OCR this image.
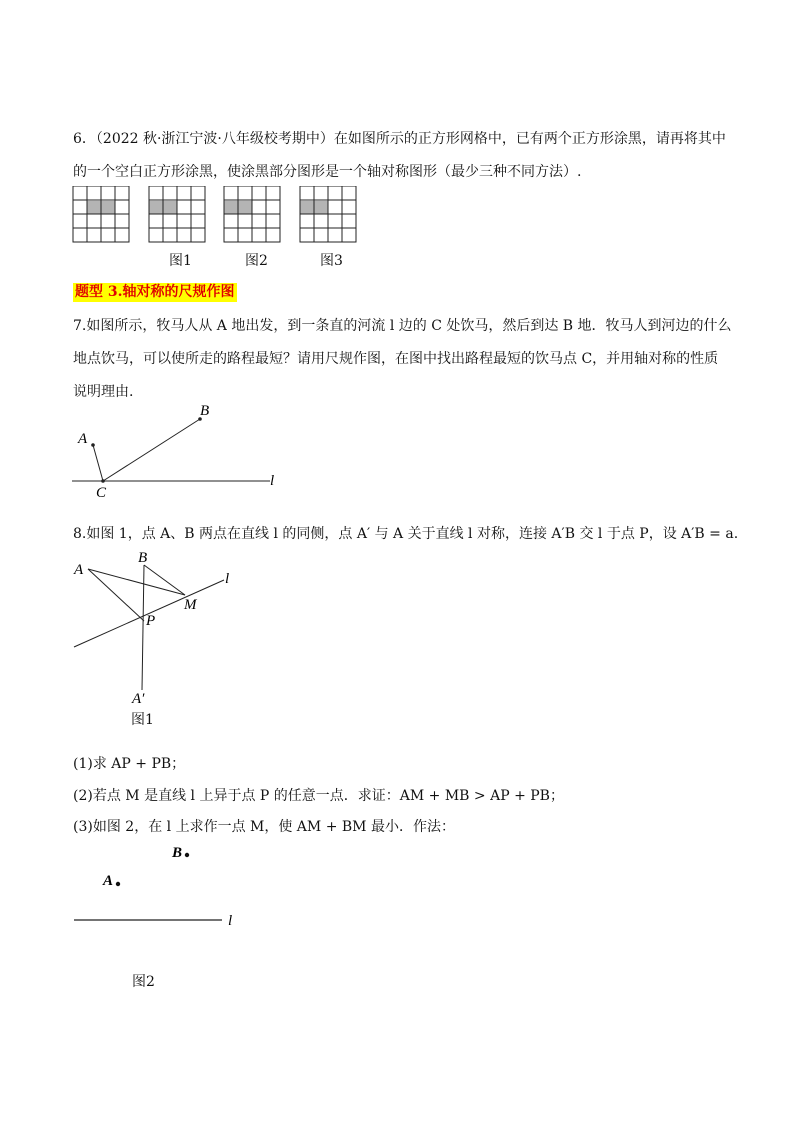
6．（2022 秋·浙江宁波·八年级校考期中）在如图所示的正方形网格中，已有两个正方形涂黑，请再将其中
的一个空白正方形涂黑，使涂黑部分图形是一个轴对称图形（最少三种不同方法）.
图1	图2	图3
题型 3.轴对称的尺规作图
7.如图所示，牧马人从 A 地出发，到一条直的河流 l 边的 C 处饮马，然后到达 B 地．牧马人到河边的什么
地点饮马，可以使所走的路程最短？请用尺规作图，在图中找出路程最短的饮马点 C，并用轴对称的性质
说明理由.
A
B
C
l
8.如图 1，点 A、B 两点在直线 l 的同侧，点 A′ 与 A 关于直线 l 对称，连接 A′B 交 l 于点 P，设 A′B = a.
A
B
M
P
A′
l
图1
(1)求 AP + PB；
(2)若点 M 是直线 l 上异于点 P 的任意一点．求证：AM + MB > AP + PB；
(3)如图 2，在 l 上求作一点 M，使 AM + BM 最小．作法：
B
A
l
图2
